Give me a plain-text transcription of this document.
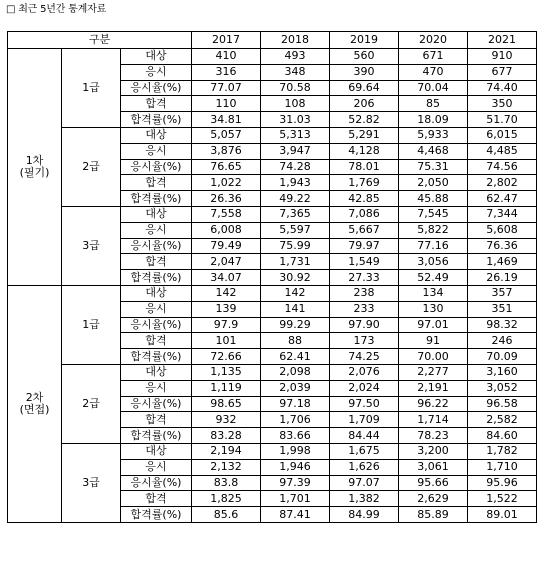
□ 최근 5년간 통계자료
구분			2017	2018	2019	2020	2021

1차
(필기)	1급	대상	410	493	560	671	910
		응시	316	348	390	470	677
		응시율(%)	77.07	70.58	69.64	70.04	74.40
		합격	110	108	206	85	350
		합격률(%)	34.81	31.03	52.82	18.09	51.70
	2급	대상	5,057	5,313	5,291	5,933	6,015
		응시	3,876	3,947	4,128	4,468	4,485
		응시율(%)	76.65	74.28	78.01	75.31	74.56
		합격	1,022	1,943	1,769	2,050	2,802
		합격률(%)	26.36	49.22	42.85	45.88	62.47
	3급	대상	7,558	7,365	7,086	7,545	7,344
		응시	6,008	5,597	5,667	5,822	5,608
		응시율(%)	79.49	75.99	79.97	77.16	76.36
		합격	2,047	1,731	1,549	3,056	1,469
		합격률(%)	34.07	30.92	27.33	52.49	26.19

2차
(면접)	1급	대상	142	142	238	134	357
		응시	139	141	233	130	351
		응시율(%)	97.9	99.29	97.90	97.01	98.32
		합격	101	88	173	91	246
		합격률(%)	72.66	62.41	74.25	70.00	70.09
	2급	대상	1,135	2,098	2,076	2,277	3,160
		응시	1,119	2,039	2,024	2,191	3,052
		응시율(%)	98.65	97.18	97.50	96.22	96.58
		합격	932	1,706	1,709	1,714	2,582
		합격률(%)	83.28	83.66	84.44	78.23	84.60
	3급	대상	2,194	1,998	1,675	3,200	1,782
		응시	2,132	1,946	1,626	3,061	1,710
		응시율(%)	83.8	97.39	97.07	95.66	95.96
		합격	1,825	1,701	1,382	2,629	1,522
		합격률(%)	85.6	87.41	84.99	85.89	89.01
